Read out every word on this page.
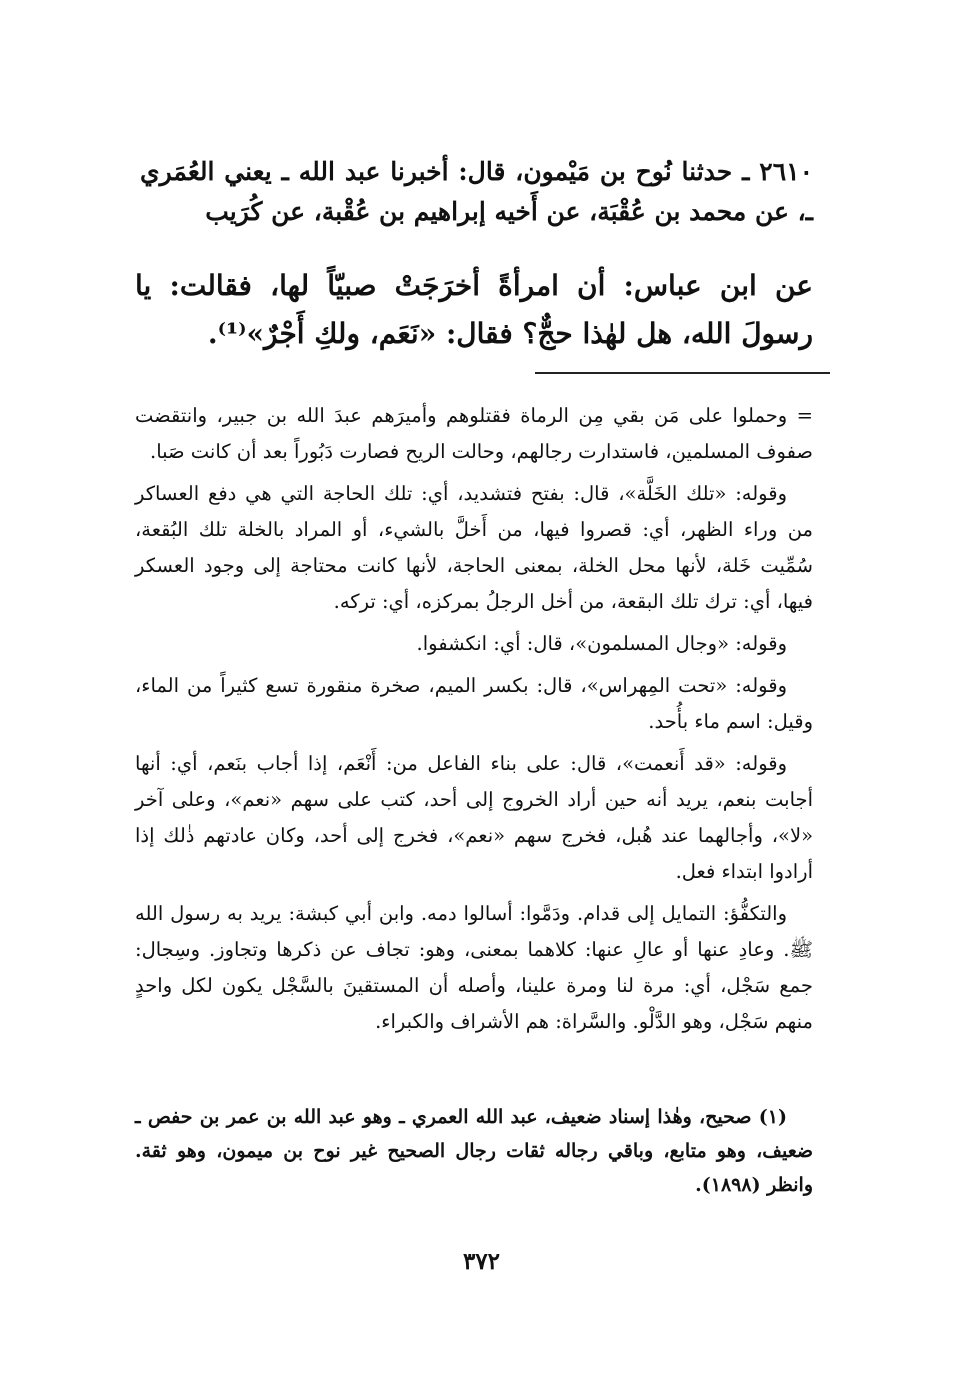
٢٦١٠ ـ حدثنا نُوح بن مَيْمون، قال: أخبرنا عبد الله ـ يعني العُمَري ـ، عن محمد بن عُقْبَة، عن أَخيه إبراهيم بن عُقْبة، عن كُرَيب
عن ابن عباس: أن امرأةً أخرَجَتْ صبيّاً لها، فقالت: يا رسولَ الله، هل لهٰذا حجٌّ؟ فقال: «نَعَم، ولكِ أَجْرٌ»⁽¹⁾.

= وحملوا على مَن بقي مِن الرماة فقتلوهم وأميرَهم عبدَ الله بن جبير، وانتقضت صفوف المسلمين، فاستدارت رجالهم، وحالت الريح فصارت دَبُوراً بعد أن كانت صَبا.

وقوله: «تلك الخَلَّة»، قال: بفتح فتشديد، أي: تلك الحاجة التي هي دفع العساكر من وراء الظهر، أي: قصروا فيها، من أَخلَّ بالشيء، أو المراد بالخلة تلك البُقعة، سُمِّيت خَلة، لأنها محل الخلة، بمعنى الحاجة، لأنها كانت محتاجة إلى وجود العسكر فيها، أي: ترك تلك البقعة، من أخل الرجلُ بمركزه، أي: تركه.

وقوله: «وجال المسلمون»، قال: أي: انكشفوا.

وقوله: «تحت المِهراس»، قال: بكسر الميم، صخرة منقورة تسع كثيراً من الماء، وقيل: اسم ماء بأُحد.

وقوله: «قد أَنعمت»، قال: على بناء الفاعل من: أَنْعَم، إذا أجاب بنَعم، أي: أنها أجابت بنعم، يريد أنه حين أراد الخروج إلى أحد، كتب على سهم «نعم»، وعلى آخر «لا»، وأجالهما عند هُبل، فخرج سهم «نعم»، فخرج إلى أحد، وكان عادتهم ذٰلك إذا أرادوا ابتداء فعل.

والتكفُّؤ: التمايل إلى قدام. ودَمَّوا: أسالوا دمه. وابن أبي كبشة: يريد به رسول الله ﷺ. وعادِ عنها أو عالِ عنها: كلاهما بمعنى، وهو: تجاف عن ذكرها وتجاوز. وسِجال: جمع سَجْل، أي: مرة لنا ومرة علينا، وأصله أن المستقينَ بالسَّجْل يكون لكل واحدٍ منهم سَجْل، وهو الدَّلْو. والسَّراة: هم الأشراف والكبراء.

(١) صحيح، وهٰذا إسناد ضعيف، عبد الله العمري ـ وهو عبد الله بن عمر بن حفص ـ ضعيف، وهو متابع، وباقي رجاله ثقات رجال الصحيح غير نوح بن ميمون، وهو ثقة. وانظر (١٨٩٨).

٣٧٢
